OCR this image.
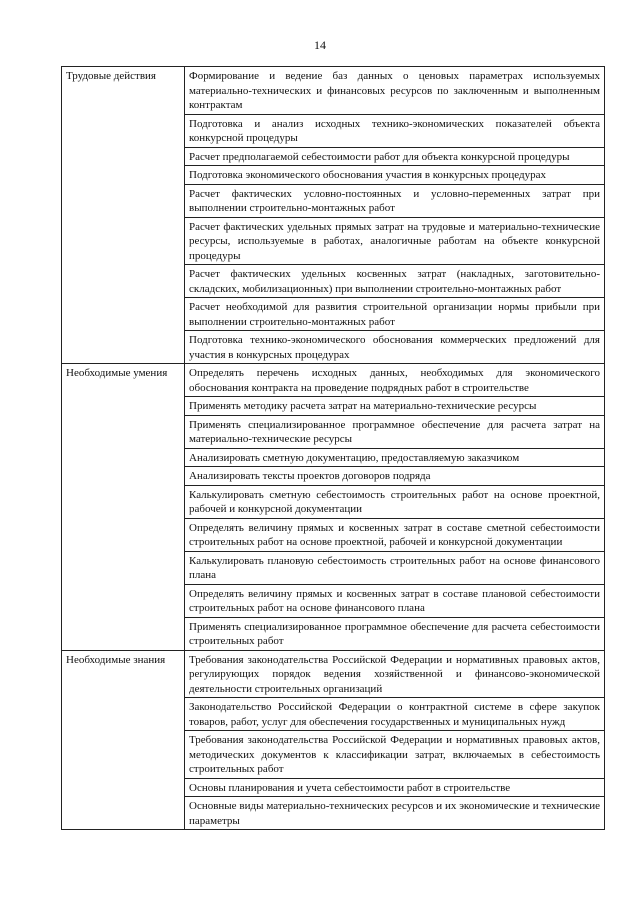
14
Трудовые действия	Формирование и ведение баз данных о ценовых параметрах используемых материально-технических и финансовых ресурсов по заключенным и выполненным контрактам
	Подготовка и анализ исходных технико-экономических показателей объекта конкурсной процедуры
	Расчет предполагаемой себестоимости работ для объекта конкурсной процедуры
	Подготовка экономического обоснования участия в конкурсных процедурах
	Расчет фактических условно-постоянных и условно-переменных затрат при выполнении строительно-монтажных работ
	Расчет фактических удельных прямых затрат на трудовые и материально-технические ресурсы, используемые в работах, аналогичные работам на объекте конкурсной процедуры
	Расчет фактических удельных косвенных затрат (накладных, заготовительно-складских, мобилизационных) при выполнении строительно-монтажных работ
	Расчет необходимой для развития строительной организации нормы прибыли при выполнении строительно-монтажных работ
	Подготовка технико-экономического обоснования коммерческих предложений для участия в конкурсных процедурах
Необходимые умения	Определять перечень исходных данных, необходимых для экономического обоснования контракта на проведение подрядных работ в строительстве
	Применять методику расчета затрат на материально-технические ресурсы
	Применять специализированное программное обеспечение для расчета затрат на материально-технические ресурсы
	Анализировать сметную документацию, предоставляемую заказчиком
	Анализировать тексты проектов договоров подряда
	Калькулировать сметную себестоимость строительных работ на основе проектной, рабочей и конкурсной документации
	Определять величину прямых и косвенных затрат в составе сметной себестоимости строительных работ на основе проектной, рабочей и конкурсной документации
	Калькулировать плановую себестоимость строительных работ на основе финансового плана
	Определять величину прямых и косвенных затрат в составе плановой себестоимости строительных работ на основе финансового плана
	Применять специализированное программное обеспечение для расчета себестоимости строительных работ
Необходимые знания	Требования законодательства Российской Федерации и нормативных правовых актов, регулирующих порядок ведения хозяйственной и финансово-экономической деятельности строительных организаций
	Законодательство Российской Федерации о контрактной системе в сфере закупок товаров, работ, услуг для обеспечения государственных и муниципальных нужд
	Требования законодательства Российской Федерации и нормативных правовых актов, методических документов к классификации затрат, включаемых в себестоимость строительных работ
	Основы планирования и учета себестоимости работ в строительстве
	Основные виды материально-технических ресурсов и их экономические и технические параметры
